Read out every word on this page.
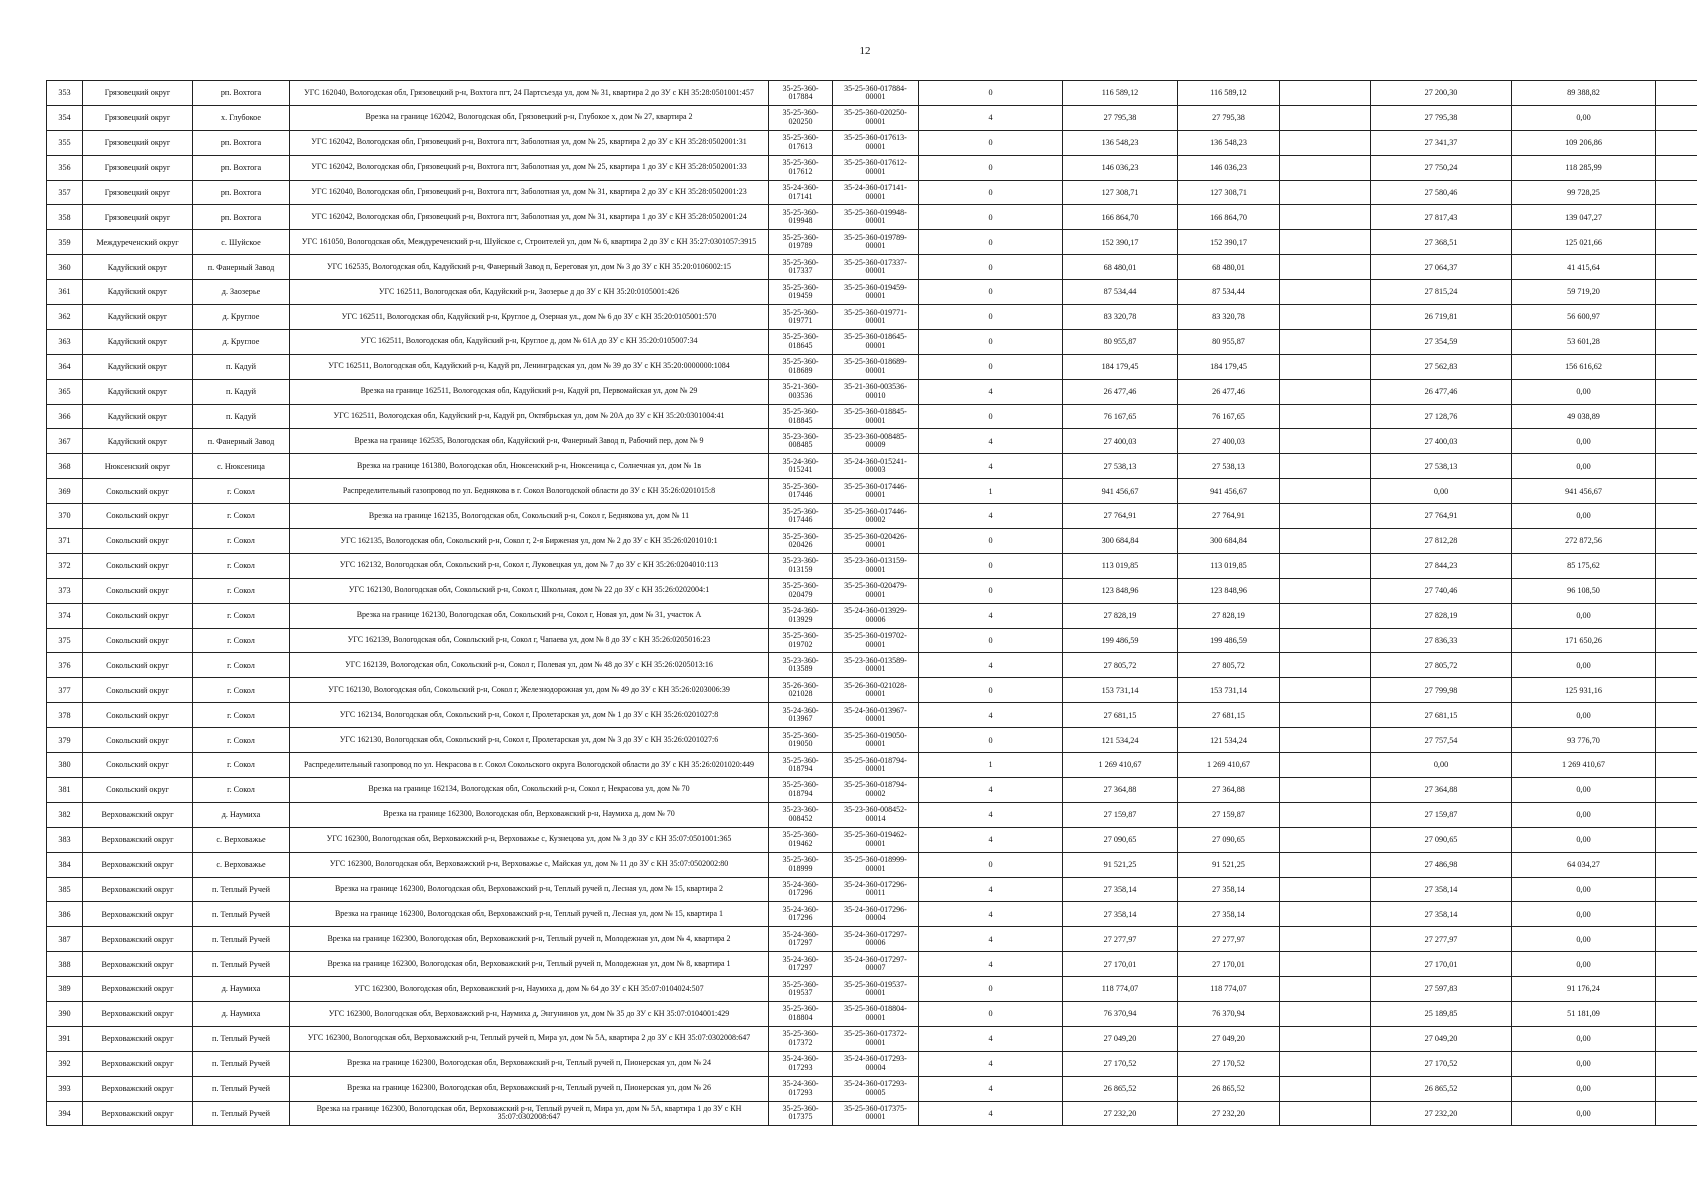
12
353	Грязовецкий округ	рп. Вохтога	УГС 162040, Вологодская обл, Грязовецкий р-н, Вохтога пгт, 24 Партсъезда ул, дом № 31, квартира 2 до ЗУ с КН 35:28:0501001:457	35-25-360-017884	35-25-360-017884-00001	0	116 589,12	116 589,12		27 200,30	89 388,82	
354	Грязовецкий округ	х. Глубокое	Врезка на границе 162042, Вологодская обл, Грязовецкий р-н, Глубокое х, дом № 27, квартира 2	35-25-360-020250	35-25-360-020250-00001	4	27 795,38	27 795,38		27 795,38	0,00	
355	Грязовецкий округ	рп. Вохтога	УГС 162042, Вологодская обл, Грязовецкий р-н, Вохтога пгт, Заболотная ул, дом № 25, квартира 2 до ЗУ с КН 35:28:0502001:31	35-25-360-017613	35-25-360-017613-00001	0	136 548,23	136 548,23		27 341,37	109 206,86	
356	Грязовецкий округ	рп. Вохтога	УГС 162042, Вологодская обл, Грязовецкий р-н, Вохтога пгт, Заболотная ул, дом № 25, квартира 1 до ЗУ с КН 35:28:0502001:33	35-25-360-017612	35-25-360-017612-00001	0	146 036,23	146 036,23		27 750,24	118 285,99	
357	Грязовецкий округ	рп. Вохтога	УГС 162040, Вологодская обл, Грязовецкий р-н, Вохтога пгт, Заболотная ул, дом № 31, квартира 2 до ЗУ с КН 35:28:0502001:23	35-24-360-017141	35-24-360-017141-00001	0	127 308,71	127 308,71		27 580,46	99 728,25	
358	Грязовецкий округ	рп. Вохтога	УГС 162042, Вологодская обл, Грязовецкий р-н, Вохтога пгт, Заболотная ул, дом № 31, квартира 1 до ЗУ с КН 35:28:0502001:24	35-25-360-019948	35-25-360-019948-00001	0	166 864,70	166 864,70		27 817,43	139 047,27	
359	Междуреченский округ	с. Шуйское	УГС 161050, Вологодская обл, Междуреченский р-н, Шуйское с, Строителей ул, дом № 6, квартира 2 до ЗУ с КН 35:27:0301057:3915	35-25-360-019789	35-25-360-019789-00001	0	152 390,17	152 390,17		27 368,51	125 021,66	
360	Кадуйский округ	п. Фанерный Завод	УГС 162535, Вологодская обл, Кадуйский р-н, Фанерный Завод п, Береговая ул, дом № 3 до ЗУ с КН 35:20:0106002:15	35-25-360-017337	35-25-360-017337-00001	0	68 480,01	68 480,01		27 064,37	41 415,64	
361	Кадуйский округ	д. Заозерье	УГС 162511, Вологодская обл, Кадуйский р-н, Заозерье д до ЗУ с КН 35:20:0105001:426	35-25-360-019459	35-25-360-019459-00001	0	87 534,44	87 534,44		27 815,24	59 719,20	
362	Кадуйский округ	д. Круглое	УГС 162511, Вологодская обл, Кадуйский р-н, Круглое д, Озерная ул., дом № 6 до ЗУ с КН 35:20:0105001:570	35-25-360-019771	35-25-360-019771-00001	0	83 320,78	83 320,78		26 719,81	56 600,97	
363	Кадуйский округ	д. Круглое	УГС 162511, Вологодская обл, Кадуйский р-н, Круглое д, дом № 61А до ЗУ с КН 35:20:0105007:34	35-25-360-018645	35-25-360-018645-00001	0	80 955,87	80 955,87		27 354,59	53 601,28	
364	Кадуйский округ	п. Кадуй	УГС 162511, Вологодская обл, Кадуйский р-н, Кадуй рп, Ленинградская ул, дом № 39 до ЗУ с КН 35:20:0000000:1084	35-25-360-018689	35-25-360-018689-00001	0	184 179,45	184 179,45		27 562,83	156 616,62	
365	Кадуйский округ	п. Кадуй	Врезка на границе 162511, Вологодская обл, Кадуйский р-н, Кадуй рп, Первомайская ул, дом № 29	35-21-360-003536	35-21-360-003536-00010	4	26 477,46	26 477,46		26 477,46	0,00	
366	Кадуйский округ	п. Кадуй	УГС 162511, Вологодская обл, Кадуйский р-н, Кадуй рп, Октябрьская ул, дом № 20А до ЗУ с КН 35:20:0301004:41	35-25-360-018845	35-25-360-018845-00001	0	76 167,65	76 167,65		27 128,76	49 038,89	
367	Кадуйский округ	п. Фанерный Завод	Врезка на границе 162535, Вологодская обл, Кадуйский р-н, Фанерный Завод п, Рабочий пер, дом № 9	35-23-360-008485	35-23-360-008485-00009	4	27 400,03	27 400,03		27 400,03	0,00	
368	Нюксенский округ	с. Нюксеница	Врезка на границе 161380, Вологодская обл, Нюксенский р-н, Нюксеница с, Солнечная ул, дом № 1в	35-24-360-015241	35-24-360-015241-00003	4	27 538,13	27 538,13		27 538,13	0,00	
369	Сокольский округ	г. Сокол	Распределительный газопровод по ул. Беднякова в г. Сокол Вологодской области до ЗУ с КН 35:26:0201015:8	35-25-360-017446	35-25-360-017446-00001	1	941 456,67	941 456,67		0,00	941 456,67	
370	Сокольский округ	г. Сокол	Врезка на границе 162135, Вологодская обл, Сокольский р-н, Сокол г, Беднякова ул, дом № 11	35-25-360-017446	35-25-360-017446-00002	4	27 764,91	27 764,91		27 764,91	0,00	
371	Сокольский округ	г. Сокол	УГС 162135, Вологодская обл, Сокольский р-н, Сокол г, 2-я Бирженая ул, дом № 2 до ЗУ с КН 35:26:0201010:1	35-25-360-020426	35-25-360-020426-00001	0	300 684,84	300 684,84		27 812,28	272 872,56	
372	Сокольский округ	г. Сокол	УГС 162132, Вологодская обл, Сокольский р-н, Сокол г, Луковецкая ул, дом № 7 до ЗУ с КН 35:26:0204010:113	35-23-360-013159	35-23-360-013159-00001	0	113 019,85	113 019,85		27 844,23	85 175,62	
373	Сокольский округ	г. Сокол	УГС 162130, Вологодская обл, Сокольский р-н, Сокол г, Школьная, дом № 22 до ЗУ с КН 35:26:0202004:1	35-25-360-020479	35-25-360-020479-00001	0	123 848,96	123 848,96		27 740,46	96 108,50	
374	Сокольский округ	г. Сокол	Врезка на границе 162130, Вологодская обл, Сокольский р-н, Сокол г, Новая ул, дом № 31, участок А	35-24-360-013929	35-24-360-013929-00006	4	27 828,19	27 828,19		27 828,19	0,00	
375	Сокольский округ	г. Сокол	УГС 162139, Вологодская обл, Сокольский р-н, Сокол г, Чапаева ул, дом № 8 до ЗУ с КН 35:26:0205016:23	35-25-360-019702	35-25-360-019702-00001	0	199 486,59	199 486,59		27 836,33	171 650,26	
376	Сокольский округ	г. Сокол	УГС 162139, Вологодская обл, Сокольский р-н, Сокол г, Полевая ул, дом № 48 до ЗУ с КН 35:26:0205013:16	35-23-360-013589	35-23-360-013589-00001	4	27 805,72	27 805,72		27 805,72	0,00	
377	Сокольский округ	г. Сокол	УГС 162130, Вологодская обл, Сокольский р-н, Сокол г, Железнодорожная ул, дом № 49 до ЗУ с КН 35:26:0203006:39	35-26-360-021028	35-26-360-021028-00001	0	153 731,14	153 731,14		27 799,98	125 931,16	
378	Сокольский округ	г. Сокол	УГС 162134, Вологодская обл, Сокольский р-н, Сокол г, Пролетарская ул, дом № 1 до ЗУ с КН 35:26:0201027:8	35-24-360-013967	35-24-360-013967-00001	4	27 681,15	27 681,15		27 681,15	0,00	
379	Сокольский округ	г. Сокол	УГС 162130, Вологодская обл, Сокольский р-н, Сокол г, Пролетарская ул, дом № 3 до ЗУ с КН 35:26:0201027:6	35-25-360-019050	35-25-360-019050-00001	0	121 534,24	121 534,24		27 757,54	93 776,70	
380	Сокольский округ	г. Сокол	Распределительный газопровод по ул. Некрасова в г. Сокол Сокольского округа Вологодской области до ЗУ с КН 35:26:0201020:449	35-25-360-018794	35-25-360-018794-00001	1	1 269 410,67	1 269 410,67		0,00	1 269 410,67	
381	Сокольский округ	г. Сокол	Врезка на границе 162134, Вологодская обл, Сокольский р-н, Сокол г, Некрасова ул, дом № 70	35-25-360-018794	35-25-360-018794-00002	4	27 364,88	27 364,88		27 364,88	0,00	
382	Верховажский округ	д. Наумиха	Врезка на границе 162300, Вологодская обл, Верховажский р-н, Наумиха д, дом № 70	35-23-360-008452	35-23-360-008452-00014	4	27 159,87	27 159,87		27 159,87	0,00	
383	Верховажский округ	с. Верховажье	УГС 162300, Вологодская обл, Верховажский р-н, Верховажье с, Кузнецова ул, дом № 3 до ЗУ с КН 35:07:0501001:365	35-25-360-019462	35-25-360-019462-00001	4	27 090,65	27 090,65		27 090,65	0,00	
384	Верховажский округ	с. Верховажье	УГС 162300, Вологодская обл, Верховажский р-н, Верховажье с, Майская ул, дом № 11 до ЗУ с КН 35:07:0502002:80	35-25-360-018999	35-25-360-018999-00001	0	91 521,25	91 521,25		27 486,98	64 034,27	
385	Верховажский округ	п. Теплый Ручей	Врезка на границе 162300, Вологодская обл, Верховажский р-н, Теплый ручей п, Лесная ул, дом № 15, квартира 2	35-24-360-017296	35-24-360-017296-00011	4	27 358,14	27 358,14		27 358,14	0,00	
386	Верховажский округ	п. Теплый Ручей	Врезка на границе 162300, Вологодская обл, Верховажский р-н, Теплый ручей п, Лесная ул, дом № 15, квартира 1	35-24-360-017296	35-24-360-017296-00004	4	27 358,14	27 358,14		27 358,14	0,00	
387	Верховажский округ	п. Теплый Ручей	Врезка на границе 162300, Вологодская обл, Верховажский р-н, Теплый ручей п, Молодежная ул, дом № 4, квартира 2	35-24-360-017297	35-24-360-017297-00006	4	27 277,97	27 277,97		27 277,97	0,00	
388	Верховажский округ	п. Теплый Ручей	Врезка на границе 162300, Вологодская обл, Верховажский р-н, Теплый ручей п, Молодежная ул, дом № 8, квартира 1	35-24-360-017297	35-24-360-017297-00007	4	27 170,01	27 170,01		27 170,01	0,00	
389	Верховажский округ	д. Наумиха	УГС 162300, Вологодская обл, Верховажский р-н, Наумиха д, дом № 64 до ЗУ с КН 35:07:0104024:507	35-25-360-019537	35-25-360-019537-00001	0	118 774,07	118 774,07		27 597,83	91 176,24	
390	Верховажский округ	д. Наумиха	УГС 162300, Вологодская обл, Верховажский р-н, Наумиха д, Энгунинов ул, дом № 35 до ЗУ с КН 35:07:0104001:429	35-25-360-018804	35-25-360-018804-00001	0	76 370,94	76 370,94		25 189,85	51 181,09	
391	Верховажский округ	п. Теплый Ручей	УГС 162300, Вологодская обл, Верховажский р-н, Теплый ручей п, Мира ул, дом № 5А, квартира 2 до ЗУ с КН 35:07:0302008:647	35-25-360-017372	35-25-360-017372-00001	4	27 049,20	27 049,20		27 049,20	0,00	
392	Верховажский округ	п. Теплый Ручей	Врезка на границе 162300, Вологодская обл, Верховажский р-н, Теплый ручей п, Пионерская ул, дом № 24	35-24-360-017293	35-24-360-017293-00004	4	27 170,52	27 170,52		27 170,52	0,00	
393	Верховажский округ	п. Теплый Ручей	Врезка на границе 162300, Вологодская обл, Верховажский р-н, Теплый ручей п, Пионерская ул, дом № 26	35-24-360-017293	35-24-360-017293-00005	4	26 865,52	26 865,52		26 865,52	0,00	
394	Верховажский округ	п. Теплый Ручей	Врезка на границе 162300, Вологодская обл, Верховажский р-н, Теплый ручей п, Мира ул, дом № 5А, квартира 1 до ЗУ с КН 35:07:0302008:647	35-25-360-017375	35-25-360-017375-00001	4	27 232,20	27 232,20		27 232,20	0,00	
